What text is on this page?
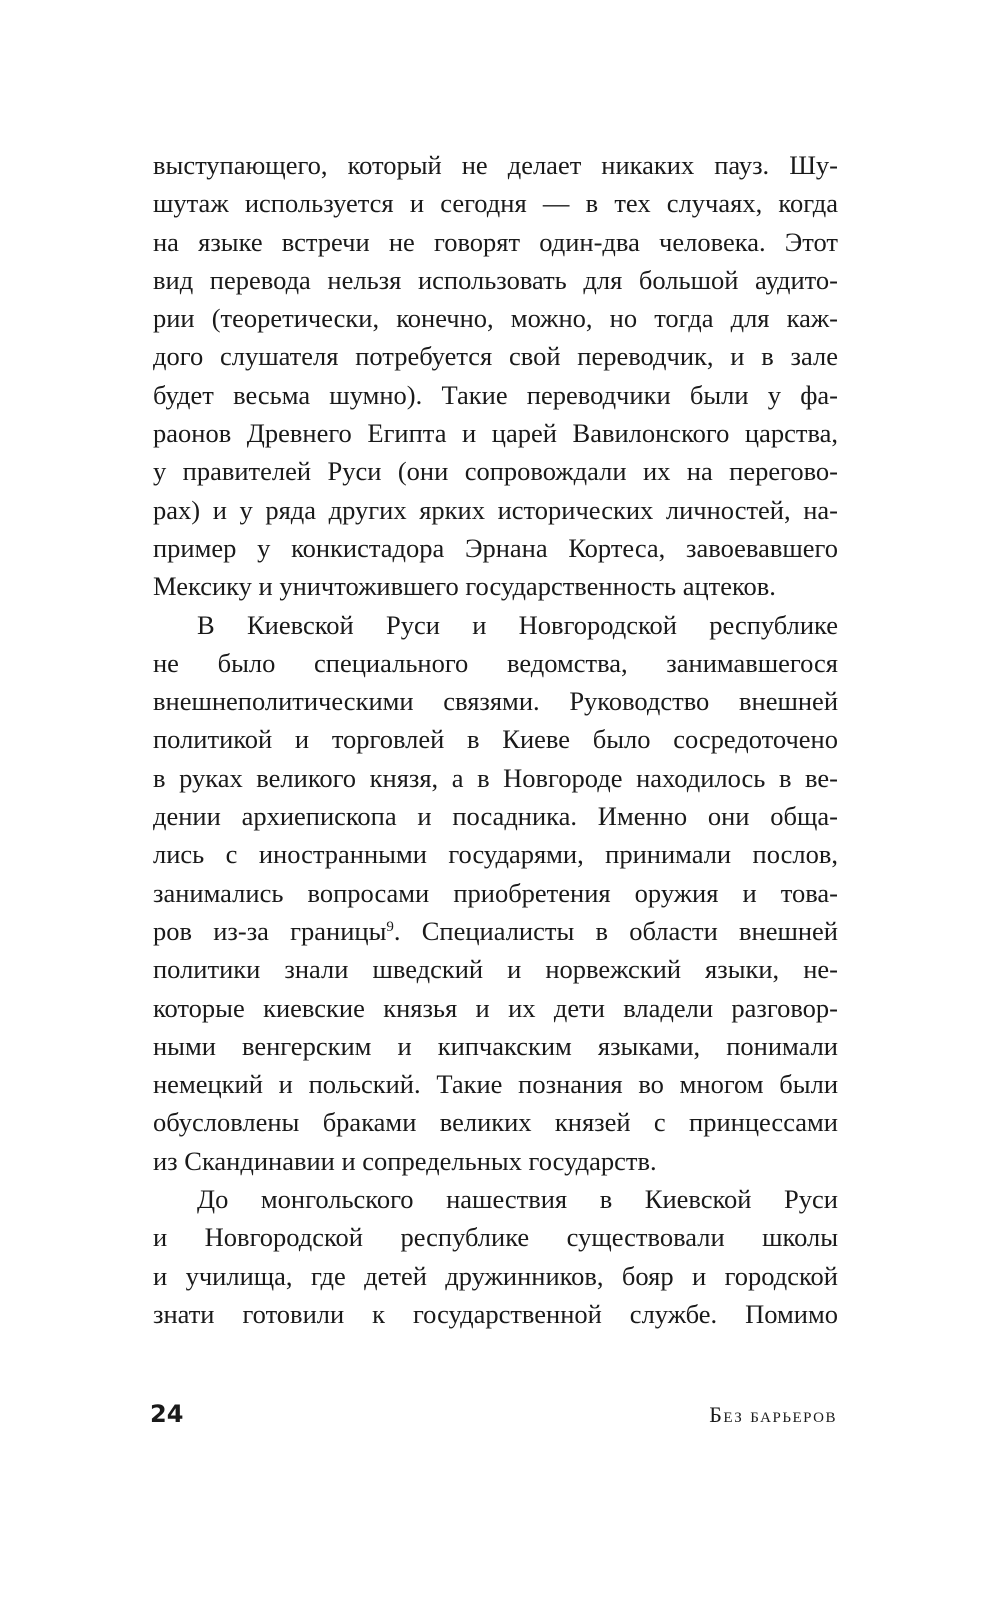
выступающего, который не делает никаких пауз. Шу-
шутаж используется и сегодня — в тех случаях, когда
на языке встречи не говорят один-два человека. Этот
вид перевода нельзя использовать для большой аудито-
рии (теоретически, конечно, можно, но тогда для каж-
дого слушателя потребуется свой переводчик, и в зале
будет весьма шумно). Такие переводчики были у фа-
раонов Древнего Египта и царей Вавилонского царства,
у правителей Руси (они сопровождали их на перегово-
рах) и у ряда других ярких исторических личностей, на-
пример у конкистадора Эрнана Кортеса, завоевавшего
Мексику и уничтожившего государственность ацтеков.
В Киевской Руси и Новгородской республике
не было специального ведомства, занимавшегося
внешнеполитическими связями. Руководство внешней
политикой и торговлей в Киеве было сосредоточено
в руках великого князя, а в Новгороде находилось в ве-
дении архиепископа и посадника. Именно они обща-
лись с иностранными государями, принимали послов,
занимались вопросами приобретения оружия и това-
ров из-за границы$^9$. Специалисты в области внешней
политики знали шведский и норвежский языки, не-
которые киевские князья и их дети владели разговор-
ными венгерским и кипчакским языками, понимали
немецкий и польский. Такие познания во многом были
обусловлены браками великих князей с принцессами
из Скандинавии и сопредельных государств.
До монгольского нашествия в Киевской Руси
и Новгородской республике существовали школы
и училища, где детей дружинников, бояр и городской
знати готовили к государственной службе. Помимо
24	Без барьеров
